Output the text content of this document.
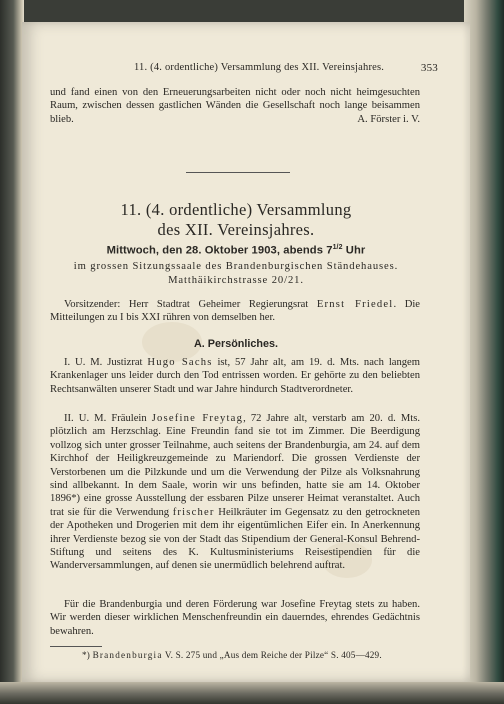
11. (4. ordentliche) Versammlung des XII. Vereinsjahres.	353
und fand einen von den Erneuerungsarbeiten nicht oder noch nicht heimgesuchten Raum, zwischen dessen gastlichen Wänden die Gesellschaft noch lange beisammen blieb.	A. Förster i. V.
11. (4. ordentliche) Versammlung
des XII. Vereinsjahres.
Mittwoch, den 28. Oktober 1903, abends $7^{1/2}$ Uhr
im grossen Sitzungssaale des Brandenburgischen Ständehauses.
Matthäikirchstrasse 20/21.
Vorsitzender: Herr Stadtrat Geheimer Regierungsrat Ernst Friedel. Die Mitteilungen zu I bis XXI rühren von demselben her.
A. Persönliches.
I. U. M. Justizrat Hugo Sachs ist, 57 Jahr alt, am 19. d. Mts. nach langem Krankenlager uns leider durch den Tod entrissen worden. Er gehörte zu den beliebten Rechtsanwälten unserer Stadt und war Jahre hindurch Stadtverordneter.
II. U. M. Fräulein Josefine Freytag, 72 Jahre alt, verstarb am 20. d. Mts. plötzlich am Herzschlag. Eine Freundin fand sie tot im Zimmer. Die Beerdigung vollzog sich unter grosser Teilnahme, auch seitens der Brandenburgia, am 24. auf dem Kirchhof der Heiligkreuzgemeinde zu Mariendorf. Die grossen Verdienste der Verstorbenen um die Pilzkunde und um die Verwendung der Pilze als Volksnahrung sind allbekannt. In dem Saale, worin wir uns befinden, hatte sie am 14. Oktober 1896*) eine grosse Ausstellung der essbaren Pilze unserer Heimat veranstaltet. Auch trat sie für die Verwendung frischer Heilkräuter im Gegensatz zu den getrockneten der Apotheken und Drogerien mit dem ihr eigentümlichen Eifer ein. In Anerkennung ihrer Verdienste bezog sie von der Stadt das Stipendium der General-Konsul Behrend-Stiftung und seitens des K. Kultusministeriums Reisestipendien für die Wanderversammlungen, auf denen sie unermüdlich belehrend auftrat.
Für die Brandenburgia und deren Förderung war Josefine Freytag stets zu haben. Wir werden dieser wirklichen Menschenfreundin ein dauerndes, ehrendes Gedächtnis bewahren.
*) Brandenburgia V. S. 275 und „Aus dem Reiche der Pilze“ S. 405—429.
